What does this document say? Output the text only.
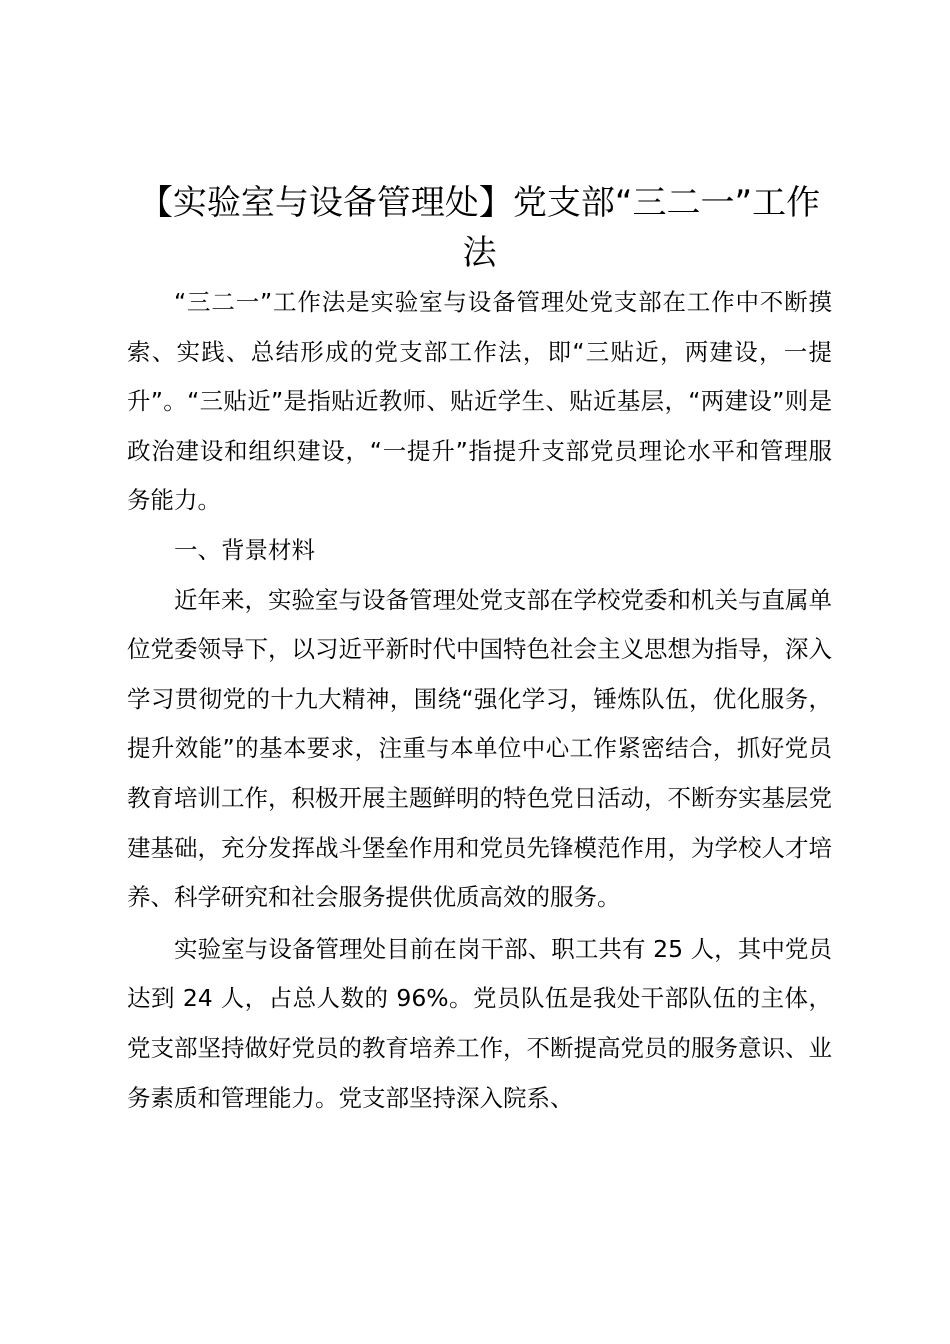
【实验室与设备管理处】党支部“三二一”工作法

“三二一”工作法是实验室与设备管理处党支部在工作中不断摸索、实践、总结形成的党支部工作法，即“三贴近，两建设，一提升”。“三贴近”是指贴近教师、贴近学生、贴近基层，“两建设”则是政治建设和组织建设，“一提升”指提升支部党员理论水平和管理服务能力。

一、背景材料

近年来，实验室与设备管理处党支部在学校党委和机关与直属单位党委领导下，以习近平新时代中国特色社会主义思想为指导，深入学习贯彻党的十九大精神，围绕“强化学习，锤炼队伍，优化服务，提升效能”的基本要求，注重与本单位中心工作紧密结合，抓好党员教育培训工作，积极开展主题鲜明的特色党日活动，不断夯实基层党建基础，充分发挥战斗堡垒作用和党员先锋模范作用，为学校人才培养、科学研究和社会服务提供优质高效的服务。

实验室与设备管理处目前在岗干部、职工共有 25 人，其中党员达到 24 人，占总人数的 96%。党员队伍是我处干部队伍的主体，党支部坚持做好党员的教育培养工作，不断提高党员的服务意识、业务素质和管理能力。党支部坚持深入院系、
